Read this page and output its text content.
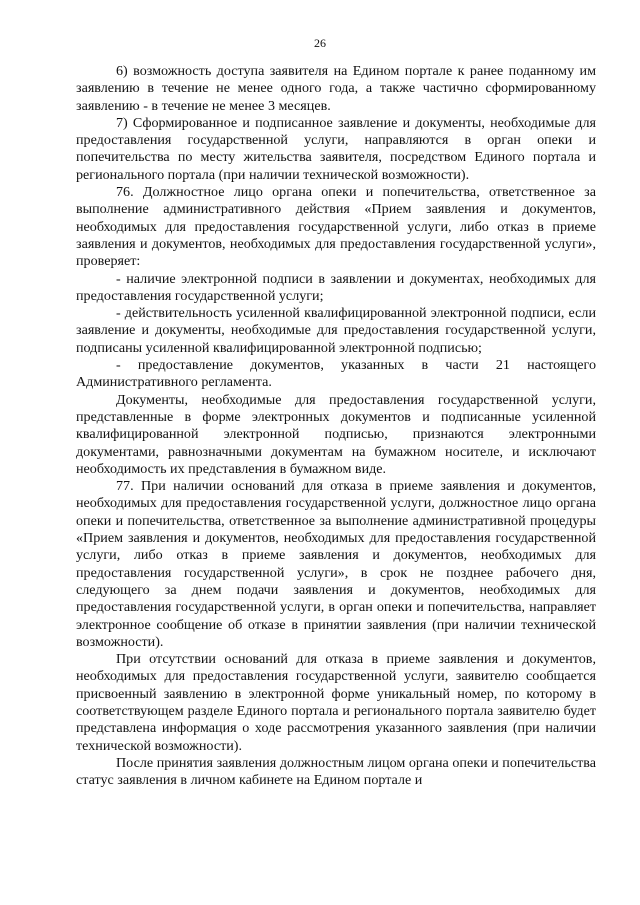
26

6) возможность доступа заявителя на Едином портале к ранее поданному им заявлению в течение не менее одного года, а также частично сформированному заявлению - в течение не менее 3 месяцев.

7) Сформированное и подписанное заявление и документы, необходимые для предоставления государственной услуги, направляются в орган опеки и попечительства по месту жительства заявителя, посредством Единого портала и регионального портала (при наличии технической возможности).

76. Должностное лицо органа опеки и попечительства, ответственное за выполнение административного действия «Прием заявления и документов, необходимых для предоставления государственной услуги, либо отказ в приеме заявления и документов, необходимых для предоставления государственной услуги», проверяет:

- наличие электронной подписи в заявлении и документах, необходимых для предоставления государственной услуги;

- действительность усиленной квалифицированной электронной подписи, если заявление и документы, необходимые для предоставления государственной услуги, подписаны усиленной квалифицированной электронной подписью;

- предоставление документов, указанных в части 21 настоящего Административного регламента.

Документы, необходимые для предоставления государственной услуги, представленные в форме электронных документов и подписанные усиленной квалифицированной электронной подписью, признаются электронными документами, равнозначными документам на бумажном носителе, и исключают необходимость их представления в бумажном виде.

77. При наличии оснований для отказа в приеме заявления и документов, необходимых для предоставления государственной услуги, должностное лицо органа опеки и попечительства, ответственное за выполнение административной процедуры «Прием заявления и документов, необходимых для предоставления государственной услуги, либо отказ в приеме заявления и документов, необходимых для предоставления государственной услуги», в срок не позднее рабочего дня, следующего за днем подачи заявления и документов, необходимых для предоставления государственной услуги, в орган опеки и попечительства, направляет электронное сообщение об отказе в принятии заявления (при наличии технической возможности).

При отсутствии оснований для отказа в приеме заявления и документов, необходимых для предоставления государственной услуги, заявителю сообщается присвоенный заявлению в электронной форме уникальный номер, по которому в соответствующем разделе Единого портала и регионального портала заявителю будет представлена информация о ходе рассмотрения указанного заявления (при наличии технической возможности).

После принятия заявления должностным лицом органа опеки и попечительства статус заявления в личном кабинете на Едином портале и
